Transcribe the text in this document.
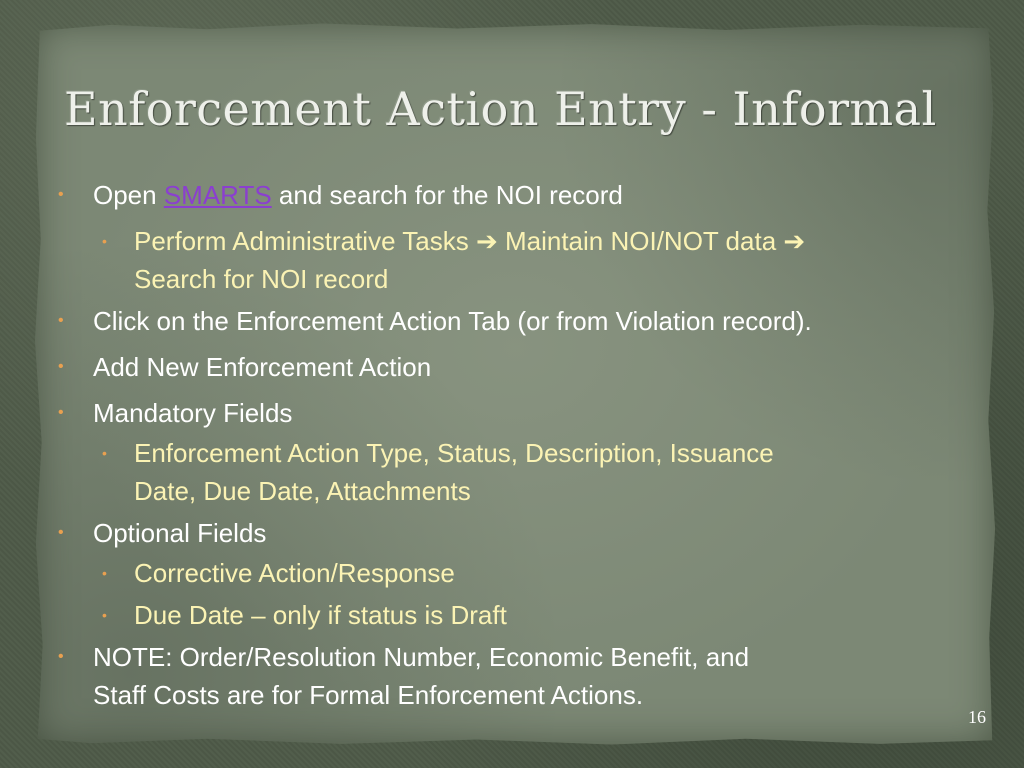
Enforcement Action Entry - Informal
•	Open SMARTS and search for the NOI record
• Perform Administrative Tasks ➔ Maintain NOI/NOT data ➔
Search for NOI record
•	Click on the Enforcement Action Tab (or from Violation record).
•	Add New Enforcement Action
•	Mandatory Fields
• Enforcement Action Type, Status, Description, Issuance
Date, Due Date, Attachments
•	Optional Fields
• Corrective Action/Response
• Due Date – only if status is Draft
•	NOTE: Order/Resolution Number, Economic Benefit, and
Staff Costs are for Formal Enforcement Actions.
16
